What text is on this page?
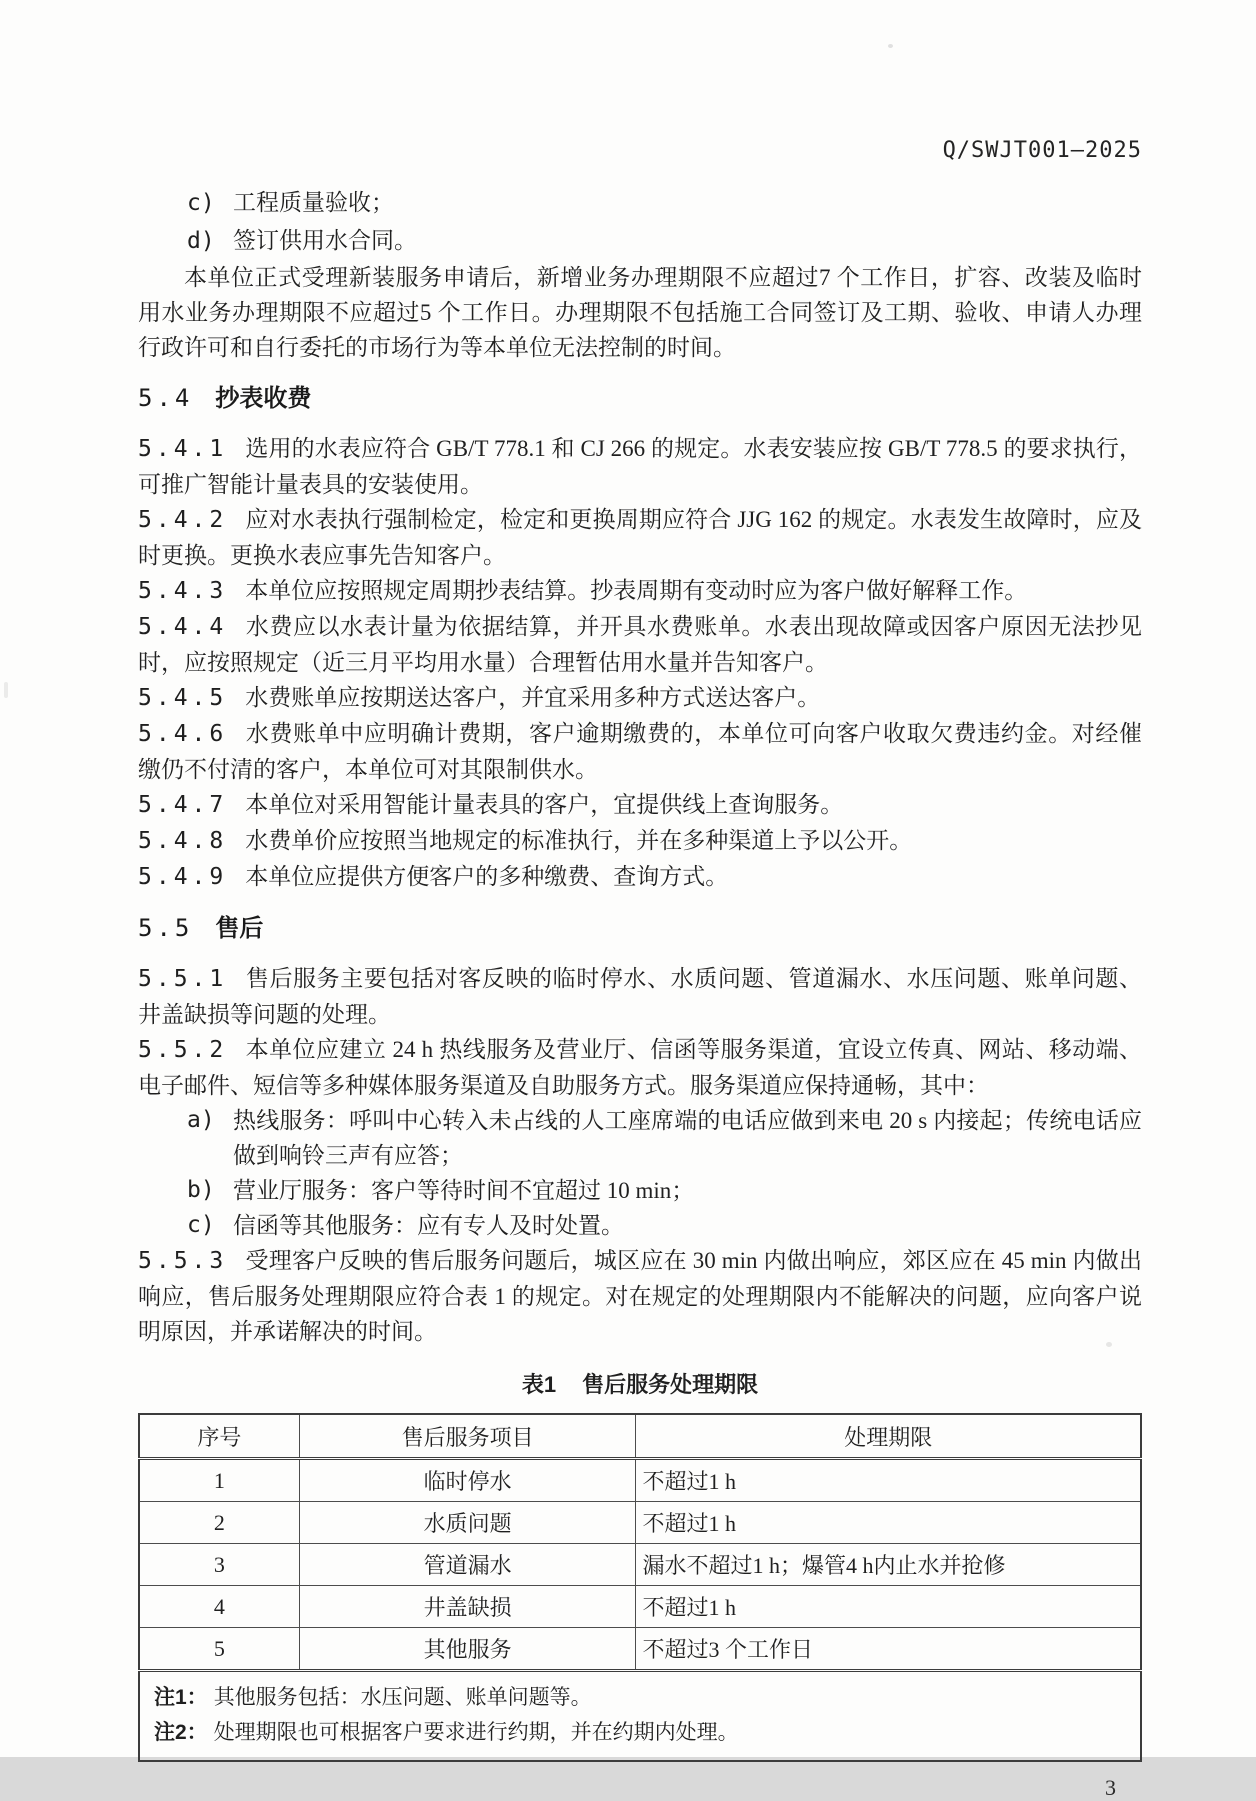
Q/SWJT001—2025
c) 工程质量验收；
d) 签订供用水合同。

本单位正式受理新装服务申请后，新增业务办理期限不应超过7 个工作日，扩容、改装及临时用水业务办理期限不应超过5 个工作日。办理期限不包括施工合同签订及工期、验收、申请人办理行政许可和自行委托的市场行为等本单位无法控制的时间。

5.4 抄表收费

5.4.1 选用的水表应符合 GB/T 778.1 和 CJ 266 的规定。水表安装应按 GB/T 778.5 的要求执行，可推广智能计量表具的安装使用。

5.4.2 应对水表执行强制检定，检定和更换周期应符合 JJG 162 的规定。水表发生故障时，应及时更换。更换水表应事先告知客户。

5.4.3 本单位应按照规定周期抄表结算。抄表周期有变动时应为客户做好解释工作。

5.4.4 水费应以水表计量为依据结算，并开具水费账单。水表出现故障或因客户原因无法抄见时，应按照规定（近三月平均用水量）合理暂估用水量并告知客户。

5.4.5 水费账单应按期送达客户，并宜采用多种方式送达客户。

5.4.6 水费账单中应明确计费期，客户逾期缴费的，本单位可向客户收取欠费违约金。对经催缴仍不付清的客户，本单位可对其限制供水。

5.4.7 本单位对采用智能计量表具的客户，宜提供线上查询服务。

5.4.8 水费单价应按照当地规定的标准执行，并在多种渠道上予以公开。

5.4.9 本单位应提供方便客户的多种缴费、查询方式。

5.5 售后

5.5.1 售后服务主要包括对客反映的临时停水、水质问题、管道漏水、水压问题、账单问题、井盖缺损等问题的处理。

5.5.2 本单位应建立 24 h 热线服务及营业厅、信函等服务渠道，宜设立传真、网站、移动端、电子邮件、短信等多种媒体服务渠道及自助服务方式。服务渠道应保持通畅，其中：

a) 热线服务：呼叫中心转入未占线的人工座席端的电话应做到来电 20 s 内接起；传统电话应做到响铃三声有应答；
b) 营业厅服务：客户等待时间不宜超过 10 min；
c) 信函等其他服务：应有专人及时处置。

5.5.3 受理客户反映的售后服务问题后，城区应在 30 min 内做出响应，郊区应在 45 min 内做出响应，售后服务处理期限应符合表 1 的规定。对在规定的处理期限内不能解决的问题，应向客户说明原因，并承诺解决的时间。

表1 售后服务处理期限
序号	售后服务项目	处理期限
1	临时停水	不超过1 h
2	水质问题	不超过1 h
3	管道漏水	漏水不超过1 h；爆管4 h内止水并抢修
4	井盖缺损	不超过1 h
5	其他服务	不超过3 个工作日

注1： 其他服务包括：水压问题、账单问题等。
注2： 处理期限也可根据客户要求进行约期，并在约期内处理。		
3
